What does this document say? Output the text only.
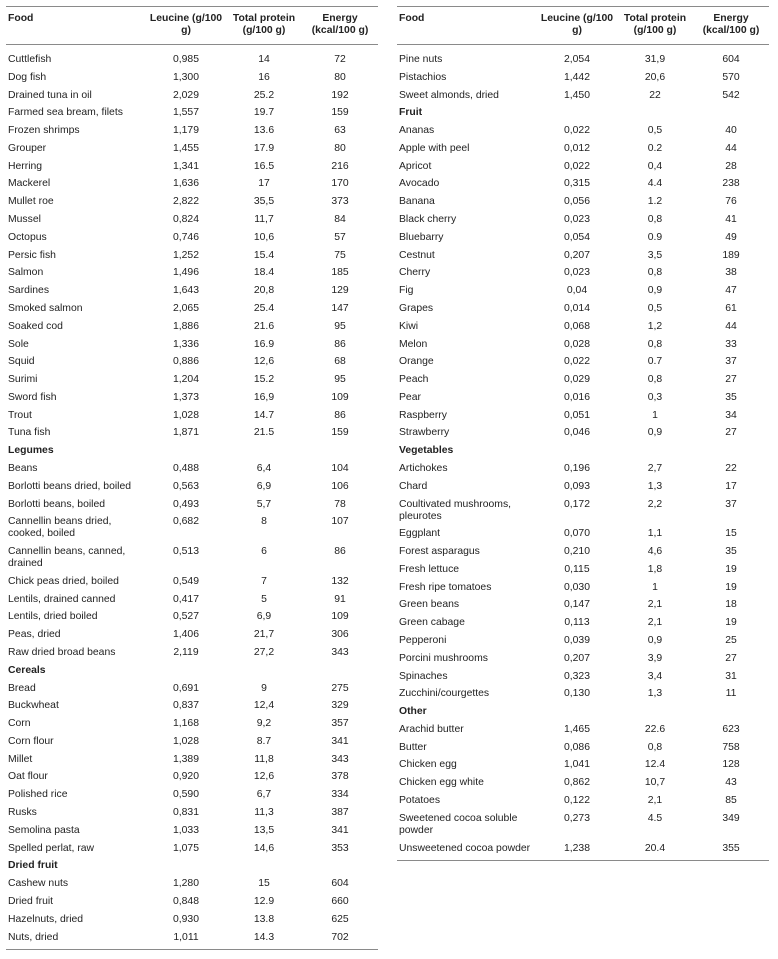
Food	Leucine (g/100 g)	Total protein (g/100 g)	Energy (kcal/100 g)
Cuttlefish	0,985	14	72
Dog fish	1,300	16	80
Drained tuna in oil	2,029	25.2	192
Farmed sea bream, filets	1,557	19.7	159
Frozen shrimps	1,179	13.6	63
Grouper	1,455	17.9	80
Herring	1,341	16.5	216
Mackerel	1,636	17	170
Mullet roe	2,822	35,5	373
Mussel	0,824	11,7	84
Octopus	0,746	10,6	57
Persic fish	1,252	15.4	75
Salmon	1,496	18.4	185
Sardines	1,643	20,8	129
Smoked salmon	2,065	25.4	147
Soaked cod	1,886	21.6	95
Sole	1,336	16.9	86
Squid	0,886	12,6	68
Surimi	1,204	15.2	95
Sword fish	1,373	16,9	109
Trout	1,028	14.7	86
Tuna fish	1,871	21.5	159
Legumes			
Beans	0,488	6,4	104
Borlotti beans dried, boiled	0,563	6,9	106
Borlotti beans, boiled	0,493	5,7	78
Cannellin beans dried, cooked, boiled	0,682	8	107
Cannellin beans, canned, drained	0,513	6	86
Chick peas dried, boiled	0,549	7	132
Lentils, drained canned	0,417	5	91
Lentils, dried boiled	0,527	6,9	109
Peas, dried	1,406	21,7	306
Raw dried broad beans	2,119	27,2	343
Cereals			
Bread	0,691	9	275
Buckwheat	0,837	12,4	329
Corn	1,168	9,2	357
Corn flour	1,028	8.7	341
Millet	1,389	11,8	343
Oat flour	0,920	12,6	378
Polished rice	0,590	6,7	334
Rusks	0,831	11,3	387
Semolina pasta	1,033	13,5	341
Spelled perlat, raw	1,075	14,6	353
Dried fruit			
Cashew nuts	1,280	15	604
Dried fruit	0,848	12.9	660
Hazelnuts, dried	0,930	13.8	625
Nuts, dried	1,011	14.3	702
Food	Leucine (g/100 g)	Total protein (g/100 g)	Energy (kcal/100 g)
Pine nuts	2,054	31,9	604
Pistachios	1,442	20,6	570
Sweet almonds, dried	1,450	22	542
Fruit			
Ananas	0,022	0,5	40
Apple with peel	0,012	0.2	44
Apricot	0,022	0,4	28
Avocado	0,315	4.4	238
Banana	0,056	1.2	76
Black cherry	0,023	0,8	41
Bluebarry	0,054	0.9	49
Cestnut	0,207	3,5	189
Cherry	0,023	0,8	38
Fig	0,04	0,9	47
Grapes	0,014	0,5	61
Kiwi	0,068	1,2	44
Melon	0,028	0,8	33
Orange	0,022	0.7	37
Peach	0,029	0,8	27
Pear	0,016	0,3	35
Raspberry	0,051	1	34
Strawberry	0,046	0,9	27
Vegetables			
Artichokes	0,196	2,7	22
Chard	0,093	1,3	17
Coultivated mushrooms, pleurotes	0,172	2,2	37
Eggplant	0,070	1,1	15
Forest asparagus	0,210	4,6	35
Fresh lettuce	0,115	1,8	19
Fresh ripe tomatoes	0,030	1	19
Green beans	0,147	2,1	18
Green cabage	0,113	2,1	19
Pepperoni	0,039	0,9	25
Porcini mushrooms	0,207	3,9	27
Spinaches	0,323	3,4	31
Zucchini/courgettes	0,130	1,3	11
Other			
Arachid butter	1,465	22.6	623
Butter	0,086	0,8	758
Chicken egg	1,041	12.4	128
Chicken egg white	0,862	10,7	43
Potatoes	0,122	2,1	85
Sweetened cocoa soluble powder	0,273	4.5	349
Unsweetened cocoa powder	1,238	20.4	355
